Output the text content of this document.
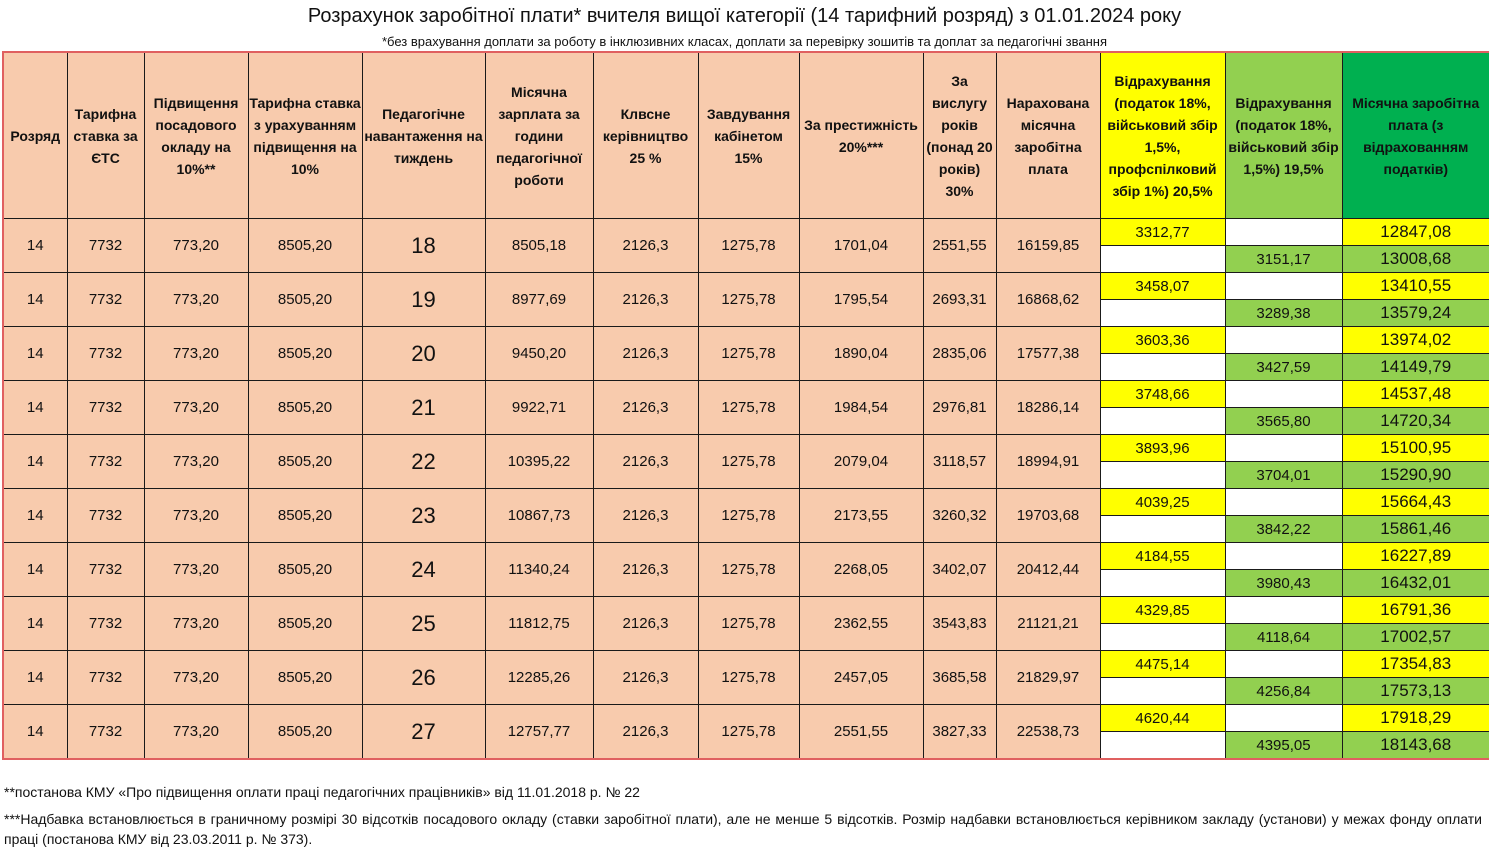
Розрахунок заробітної плати* вчителя вищої категорії (14 тарифний розряд) з 01.01.2024 року
*без врахування доплати за роботу в інклюзивних класах, доплати за перевірку зошитів та доплат за педагогічні звання
Розряд	Тарифна ставка за ЄТС	Підвищення посадового окладу на 10%**	Тарифна ставка з урахуванням підвищення на 10%	Педагогічне навантаження на тиждень	Місячна зарплата за години педагогічної роботи	Клвсне керівництво 25 %	Завдування кабінетом 15%	За престижність 20%***	За вислугу років (понад 20 років) 30%	Нарахована місячна заробітна плата	Відрахування (податок 18%, військовий збір 1,5%, профспілковий збір 1%) 20,5%	Відрахування (податок 18%, військовий збір 1,5%) 19,5%	Місячна заробітна плата (з відрахованням податків)
14	7732	773,20	8505,20	18	8505,18	2126,3	1275,78	1701,04	2551,55	16159,85	3312,77		12847,08
												3151,17	13008,68
14	7732	773,20	8505,20	19	8977,69	2126,3	1275,78	1795,54	2693,31	16868,62	3458,07		13410,55
												3289,38	13579,24
14	7732	773,20	8505,20	20	9450,20	2126,3	1275,78	1890,04	2835,06	17577,38	3603,36		13974,02
												3427,59	14149,79
14	7732	773,20	8505,20	21	9922,71	2126,3	1275,78	1984,54	2976,81	18286,14	3748,66		14537,48
												3565,80	14720,34
14	7732	773,20	8505,20	22	10395,22	2126,3	1275,78	2079,04	3118,57	18994,91	3893,96		15100,95
												3704,01	15290,90
14	7732	773,20	8505,20	23	10867,73	2126,3	1275,78	2173,55	3260,32	19703,68	4039,25		15664,43
												3842,22	15861,46
14	7732	773,20	8505,20	24	11340,24	2126,3	1275,78	2268,05	3402,07	20412,44	4184,55		16227,89
												3980,43	16432,01
14	7732	773,20	8505,20	25	11812,75	2126,3	1275,78	2362,55	3543,83	21121,21	4329,85		16791,36
												4118,64	17002,57
14	7732	773,20	8505,20	26	12285,26	2126,3	1275,78	2457,05	3685,58	21829,97	4475,14		17354,83
												4256,84	17573,13
14	7732	773,20	8505,20	27	12757,77	2126,3	1275,78	2551,55	3827,33	22538,73	4620,44		17918,29
												4395,05	18143,68
**постанова КМУ «Про підвищення оплати праці педагогічних працівників» від 11.01.2018 р. № 22
***Надбавка встановлюється в граничному розмірі 30 відсотків посадового окладу (ставки заробітної плати), але не менше 5 відсотків. Розмір надбавки встановлюється керівником закладу (установи) у межах фонду оплати праці (постанова КМУ від 23.03.2011 р. № 373).
